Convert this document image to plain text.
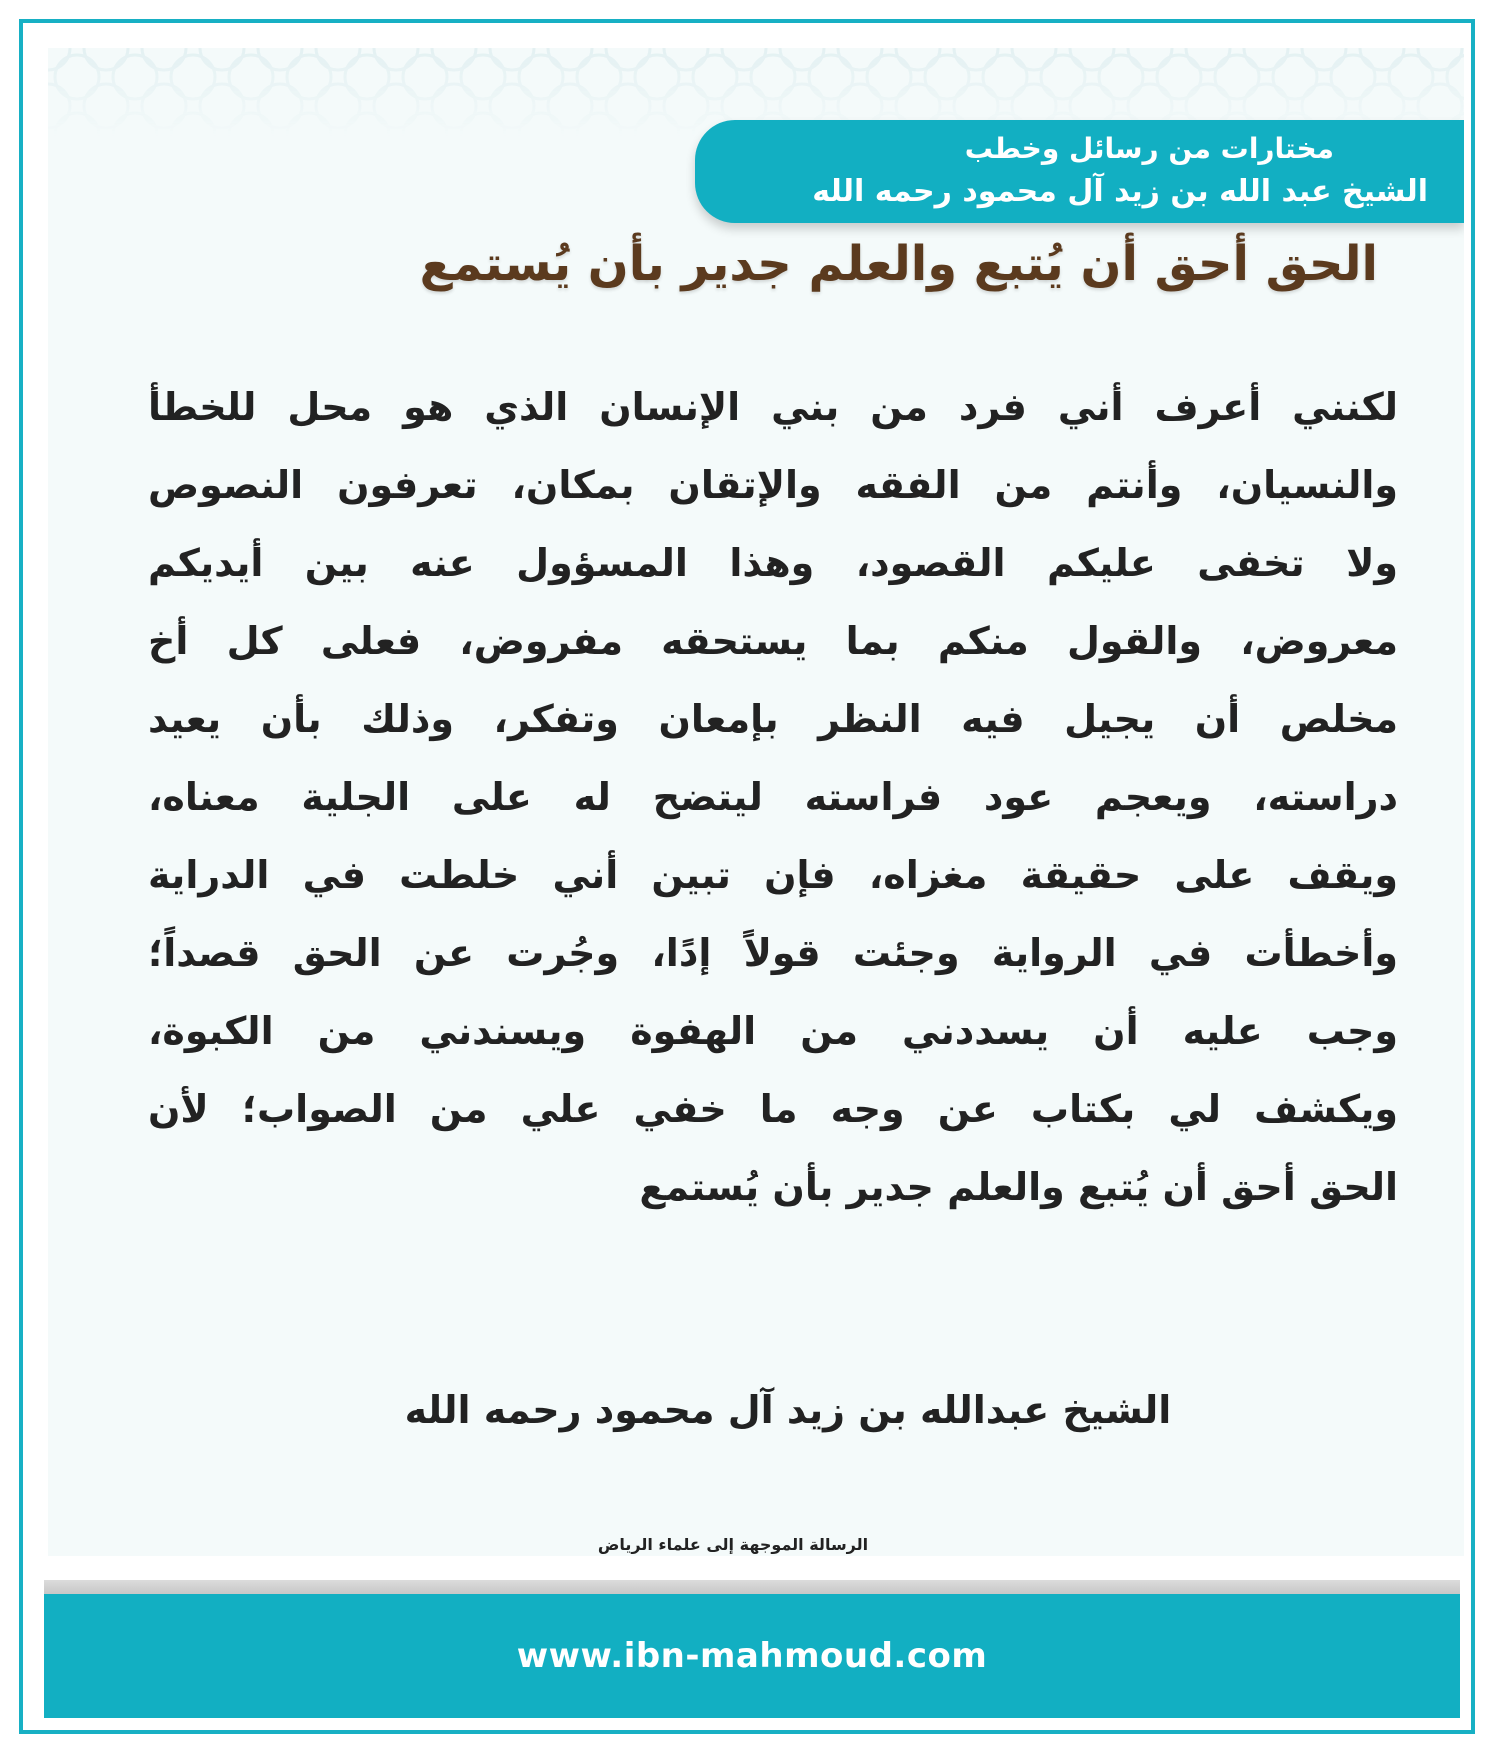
مختارات من رسائل وخطب
الشيخ عبد الله بن زيد آل محمود رحمه الله
الحق أحق أن يُتبع والعلم جدير بأن يُستمع
لكنني أعرف أني فرد من بني الإنسان الذي هو محل للخطأ
والنسيان، وأنتم من الفقه والإتقان بمكان، تعرفون النصوص
ولا تخفى عليكم القصود، وهذا المسؤول عنه بين أيديكم
معروض، والقول منكم بما يستحقه مفروض، فعلى كل أخ
مخلص أن يجيل فيه النظر بإمعان وتفكر، وذلك بأن يعيد
دراسته، ويعجم عود فراسته ليتضح له على الجلية معناه،
ويقف على حقيقة مغزاه، فإن تبين أني خلطت في الدراية
وأخطأت في الرواية وجئت قولاً إدًا، وجُرت عن الحق قصداً؛
وجب عليه أن يسددني من الهفوة ويسندني من الكبوة،
ويكشف لي بكتاب عن وجه ما خفي علي من الصواب؛ لأن
الحق أحق أن يُتبع والعلم جدير بأن يُستمع
الشيخ عبدالله بن زيد آل محمود رحمه الله
الرسالة الموجهة إلى علماء الرياض
www.ibn-mahmoud.com
